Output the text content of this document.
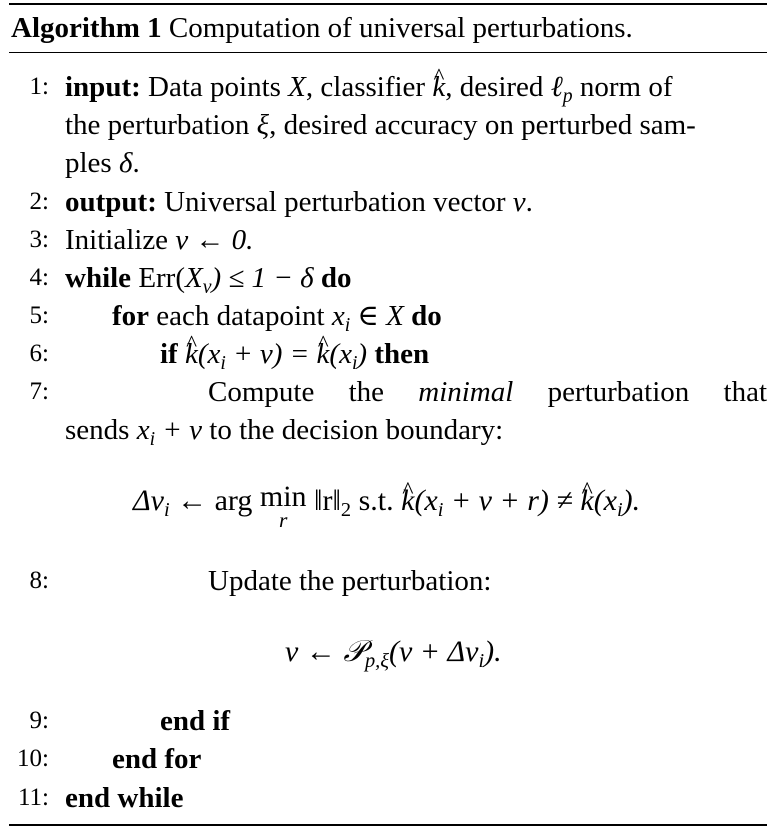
Algorithm 1 Computation of universal perturbations.
1: input: Data points X, classifier ^ k, desired ℓ$_p$ norm of
the perturbation ξ, desired accuracy on perturbed sam-
ples δ.
2: output: Universal perturbation vector v.
3: Initialize v ← 0.
4: while $Err(X_v) \le 1 - \delta$ do
5: for each datapoint $x_i$ ∈ X do
6:	if ^ $k(x_i + v)$ = ^ $k(x_i)$ then
7:	Compute the minimal perturbation that
sends $x_i + v$ to the decision boundary:
$\Delta v_i$ ← arg min
r
$‖r‖_2$ s.t. ^ $k(x_i + v + r)$ ≠ ^ $k(x_i)$.
8:	Update the perturbation:
v ← 𝒫$_{p,\xi}$(v + $\Delta v_i$).
9:	end if
10: end for
11: end while
